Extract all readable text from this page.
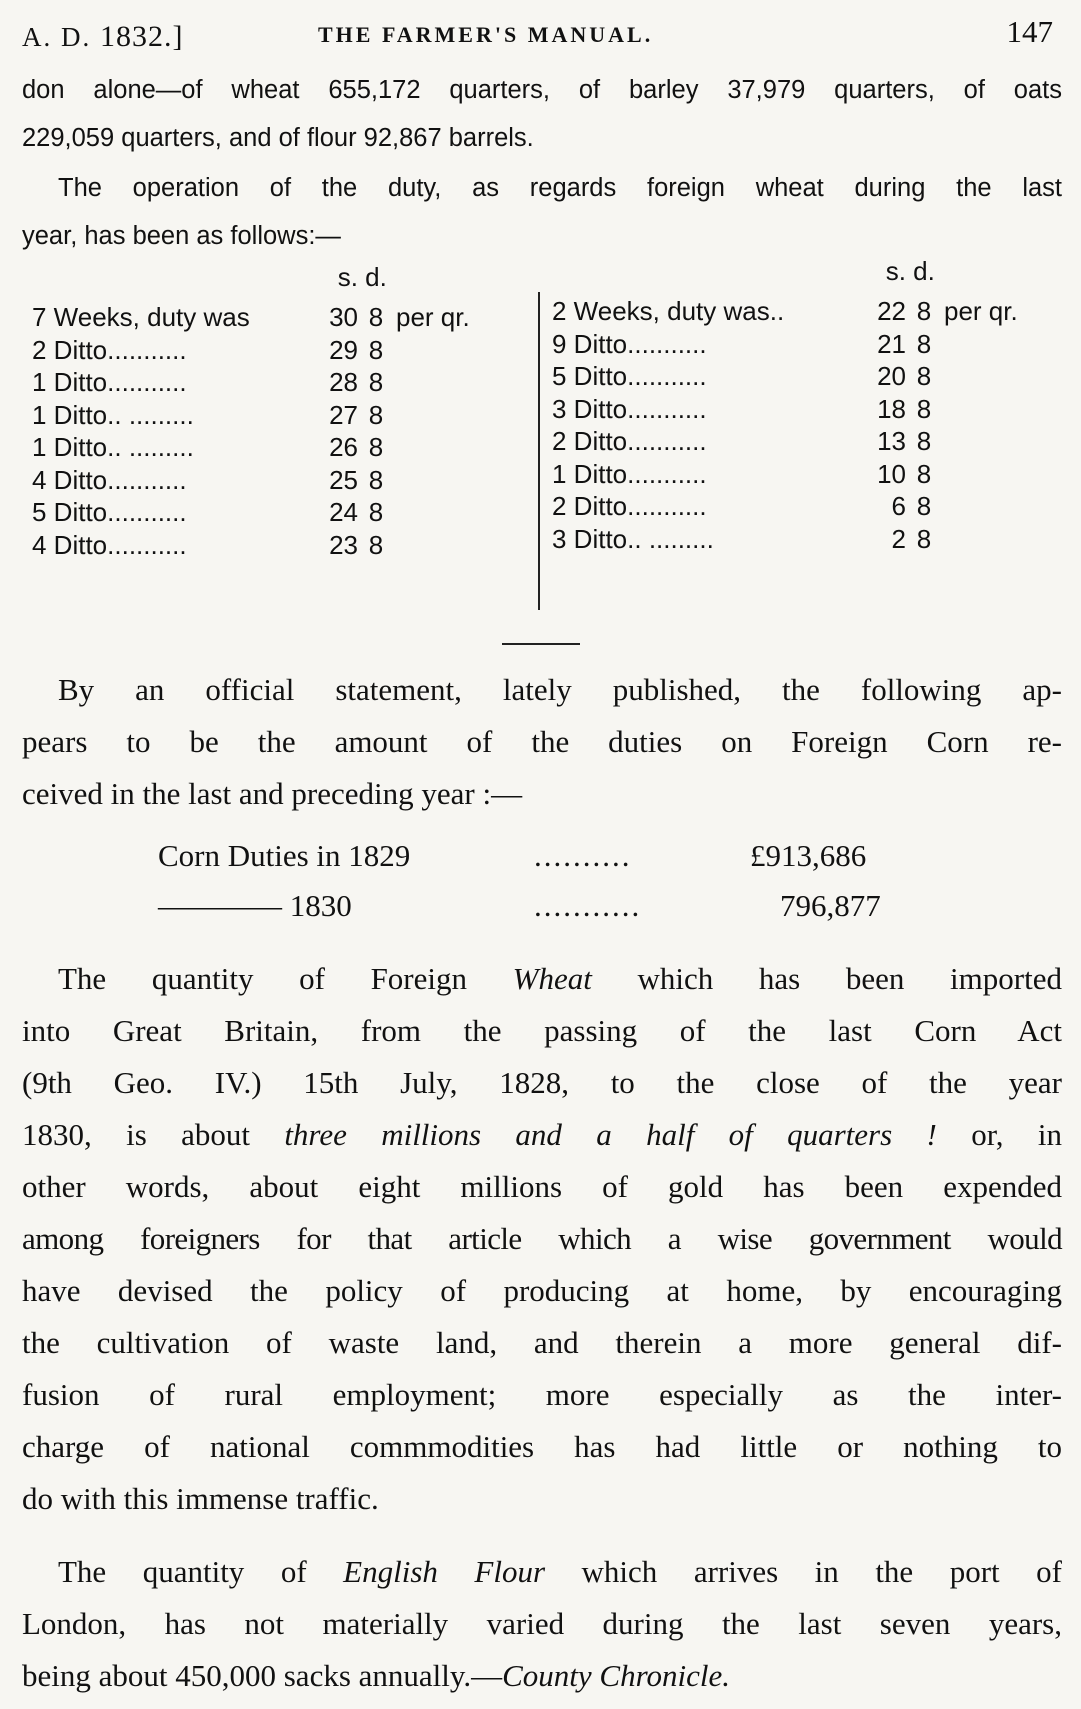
A. D. 1832.]	THE FARMER'S MANUAL.	147
don alone—of wheat 655,172 quarters, of barley 37,979 quarters, of oats
229,059 quarters, and of flour 92,867 barrels.
The operation of the duty, as regards foreign wheat during the last
year, has been as follows:—
s. d.
7 Weeks, duty was	30 8 per qr.
2 Ditto...........	29 8
1 Ditto...........	28 8
1 Ditto.. .........	27 8
1 Ditto.. .........	26 8
4 Ditto...........	25 8
5 Ditto...........	24 8
4 Ditto...........	23 8
s. d.
2 Weeks, duty was..	22 8 per qr.
9 Ditto...........	21 8
5 Ditto...........	20 8
3 Ditto...........	18 8
2 Ditto...........	13 8
1 Ditto...........	10 8
2 Ditto...........	6 8
3 Ditto.. .........	2 8
By an official statement, lately published, the following ap-
pears to be the amount of the duties on Foreign Corn re-
ceived in the last and preceding year :—
Corn Duties in 1829	..........	£913,686
———— 1830	...........	796,877
The quantity of Foreign Wheat which has been imported
into Great Britain, from the passing of the last Corn Act
(9th Geo. IV.) 15th July, 1828, to the close of the year
1830, is about three millions and a half of quarters ! or, in
other words, about eight millions of gold has been expended
among foreigners for that article which a wise government would
have devised the policy of producing at home, by encouraging
the cultivation of waste land, and therein a more general dif-
fusion of rural employment; more especially as the inter-
charge of national commmodities has had little or nothing to
do with this immense traffic.
The quantity of English Flour which arrives in the port of
London, has not materially varied during the last seven years,
being about 450,000 sacks annually.—County Chronicle.
